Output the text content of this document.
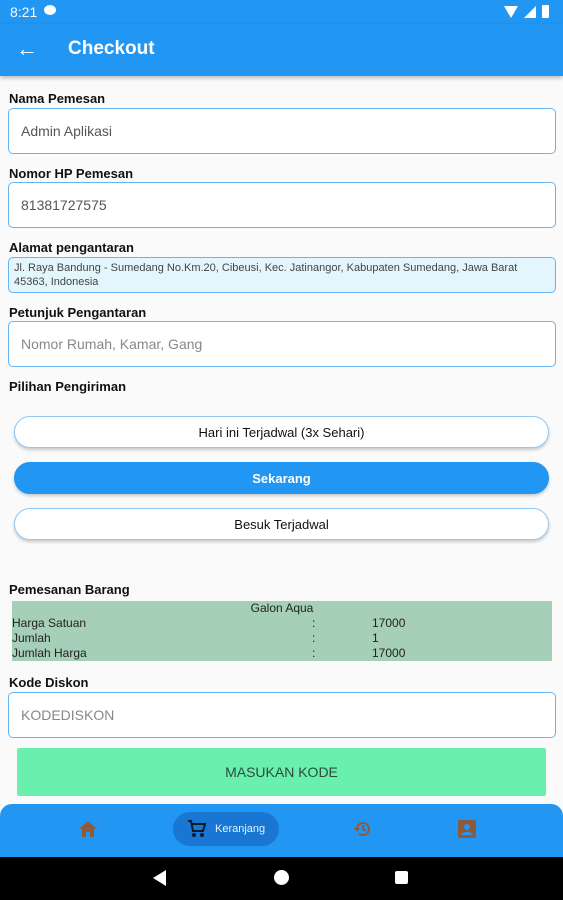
8:21
← Checkout
Nama Pemesan
Admin Aplikasi
Nomor HP Pemesan
81381727575
Alamat pengantaran
Jl. Raya Bandung - Sumedang No.Km.20, Cibeusi, Kec. Jatinangor, Kabupaten Sumedang, Jawa Barat 45363, Indonesia
Petunjuk Pengantaran
Nomor Rumah, Kamar, Gang
Pilihan Pengiriman
Hari ini Terjadwal (3x Sehari)
Sekarang
Besuk Terjadwal
Pemesanan Barang
Galon Aqua
Harga Satuan	:	17000
Jumlah	:	1
Jumlah Harga	:	17000
Kode Diskon
KODEDISKON
MASUKAN KODE
Keranjang
